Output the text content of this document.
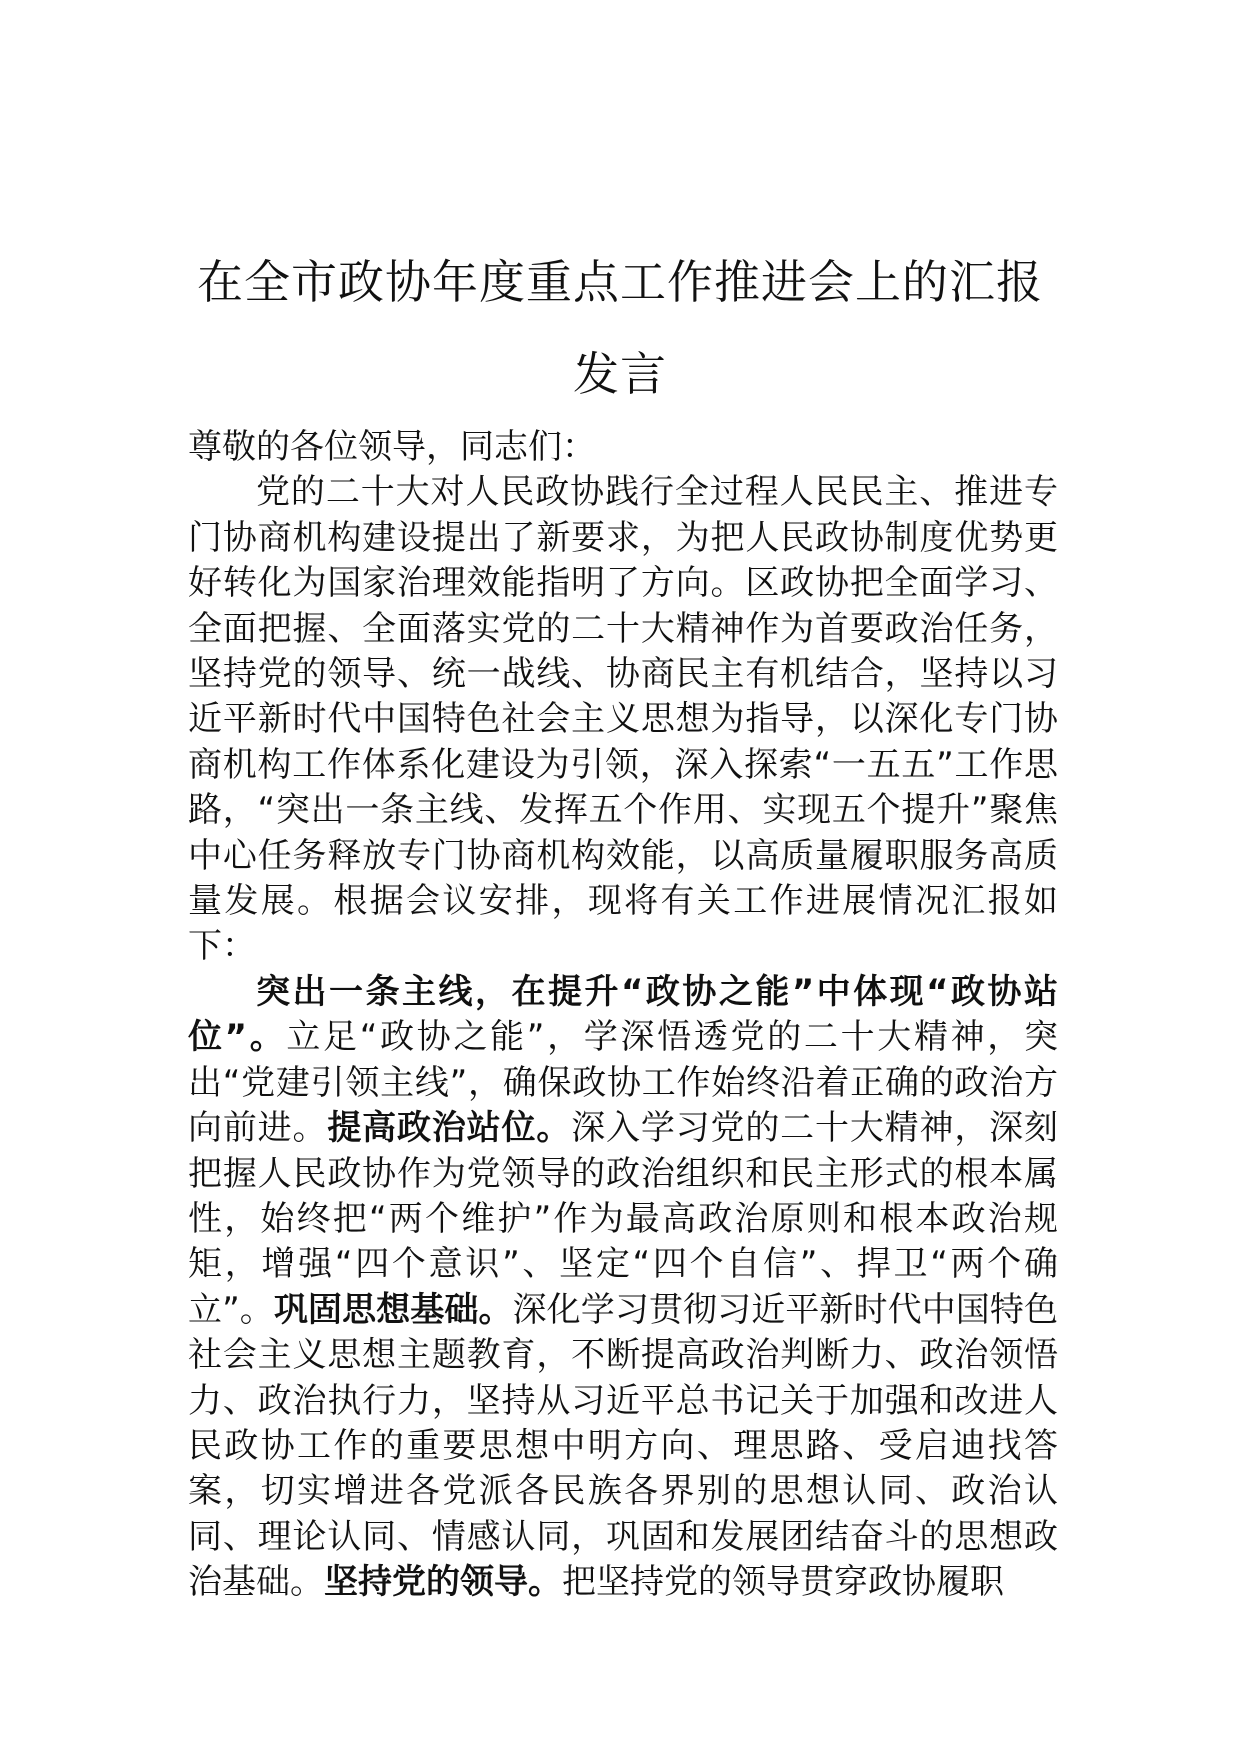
在全市政协年度重点工作推进会上的汇报
发言

尊敬的各位领导，同志们：

党的二十大对人民政协践行全过程人民民主、推进专门协商机构建设提出了新要求，为把人民政协制度优势更好转化为国家治理效能指明了方向。区政协把全面学习、全面把握、全面落实党的二十大精神作为首要政治任务，坚持党的领导、统一战线、协商民主有机结合，坚持以习近平新时代中国特色社会主义思想为指导，以深化专门协商机构工作体系化建设为引领，深入探索“一五五”工作思路，“突出一条主线、发挥五个作用、实现五个提升”聚焦中心任务释放专门协商机构效能，以高质量履职服务高质量发展。根据会议安排，现将有关工作进展情况汇报如下：

突出一条主线，在提升“政协之能”中体现“政协站位”。立足“政协之能”，学深悟透党的二十大精神，突出“党建引领主线”，确保政协工作始终沿着正确的政治方向前进。提高政治站位。深入学习党的二十大精神，深刻把握人民政协作为党领导的政治组织和民主形式的根本属性，始终把“两个维护”作为最高政治原则和根本政治规矩，增强“四个意识”、坚定“四个自信”、捍卫“两个确立”。巩固思想基础。深化学习贯彻习近平新时代中国特色社会主义思想主题教育，不断提高政治判断力、政治领悟力、政治执行力，坚持从习近平总书记关于加强和改进人民政协工作的重要思想中明方向、理思路、受启迪找答案，切实增进各党派各民族各界别的思想认同、政治认同、理论认同、情感认同，巩固和发展团结奋斗的思想政治基础。坚持党的领导。把坚持党的领导贯穿政协履职
